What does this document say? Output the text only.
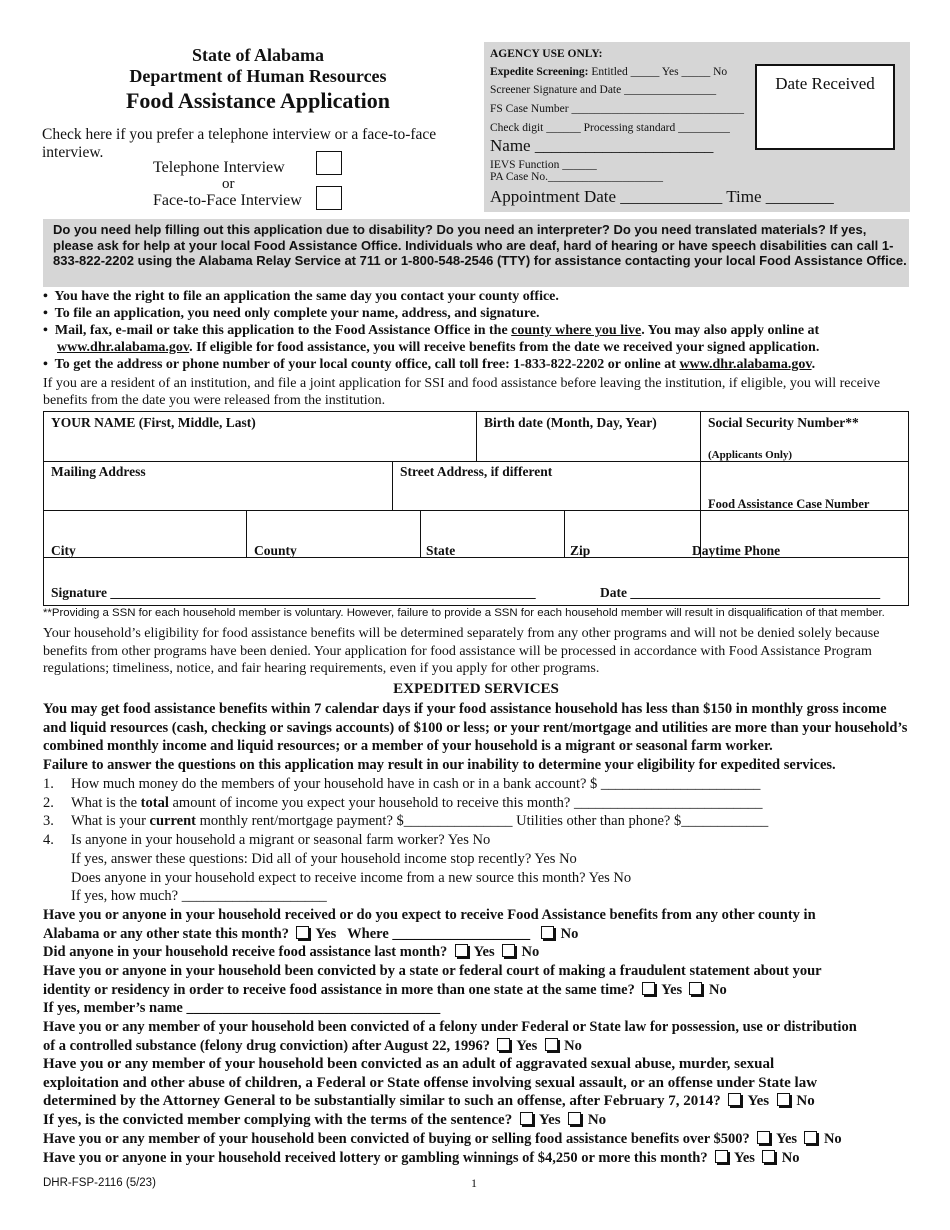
State of Alabama
Department of Human Resources
Food Assistance Application
Check here if you prefer a telephone interview or a face-to-face interview.
Telephone Interview
or
Face-to-Face Interview
AGENCY USE ONLY:
Expedite Screening: Entitled _____ Yes _____ No
Screener Signature and Date ________________
FS Case Number ______________________________
Check digit ______ Processing standard _________
Name _____________________
IEVS Function ______
PA Case No.____________________
Appointment Date ____________ Time ________
Date Received
Do you need help filling out this application due to disability? Do you need an interpreter? Do you need translated materials? If yes, please ask for help at your local Food Assistance Office. Individuals who are deaf, hard of hearing or have speech disabilities can call 1-833-822-2202 using the Alabama Relay Service at 711 or 1-800-548-2546 (TTY) for assistance contacting your local Food Assistance Office.
•  You have the right to file an application the same day you contact your county office.
•  To file an application, you need only complete your name, address, and signature.
•  Mail, fax, e-mail or take this application to the Food Assistance Office in the county where you live. You may also apply online at
www.dhr.alabama.gov. If eligible for food assistance, you will receive benefits from the date we received your signed application.
•  To get the address or phone number of your local county office, call toll free: 1-833-822-2202 or online at www.dhr.alabama.gov.
If you are a resident of an institution, and file a joint application for SSI and food assistance before leaving the institution, if eligible, you will receive benefits from the date you were released from the institution.
YOUR NAME (First, Middle, Last)	Birth date (Month, Day, Year)	Social Security Number**
(Applicants Only)
Mailing Address	Street Address, if different
Food Assistance Case Number
City	County	State	Zip	Daytime Phone
Signature _______________________________________________________________	Date _____________________________________
**Providing a SSN for each household member is voluntary. However, failure to provide a SSN for each household member will result in disqualification of that member.
Your household’s eligibility for food assistance benefits will be determined separately from any other programs and will not be denied solely because benefits from other programs have been denied. Your application for food assistance will be processed in accordance with Food Assistance Program regulations; timeliness, notice, and fair hearing requirements, even if you apply for other programs.
EXPEDITED SERVICES
You may get food assistance benefits within 7 calendar days if your food assistance household has less than $150 in monthly gross income and liquid resources (cash, checking or savings accounts) of $100 or less; or your rent/mortgage and utilities are more than your household’s combined monthly income and liquid resources; or a member of your household is a migrant or seasonal farm worker.
Failure to answer the questions on this application may result in our inability to determine your eligibility for expedited services.
1. How much money do the members of your household have in cash or in a bank account? $ ______________________
2. What is the total amount of income you expect your household to receive this month? __________________________
3. What is your current monthly rent/mortgage payment? $_______________ Utilities other than phone? $____________
4. Is anyone in your household a migrant or seasonal farm worker? Yes No
If yes, answer these questions: Did all of your household income stop recently? Yes No
Does anyone in your household expect to receive income from a new source this month? Yes No
If yes, how much? ____________________
Have you or anyone in your household received or do you expect to receive Food Assistance benefits from any other county in
Alabama or any other state this month? Yes Where ___________________ No
Did anyone in your household receive food assistance last month? Yes No
Have you or anyone in your household been convicted by a state or federal court of making a fraudulent statement about your
identity or residency in order to receive food assistance in more than one state at the same time? Yes No
If yes, member’s name ___________________________________
Have you or any member of your household been convicted of a felony under Federal or State law for possession, use or distribution
of a controlled substance (felony drug conviction) after August 22, 1996? Yes No
Have you or any member of your household been convicted as an adult of aggravated sexual abuse, murder, sexual
exploitation and other abuse of children, a Federal or State offense involving sexual assault, or an offense under State law
determined by the Attorney General to be substantially similar to such an offense, after February 7, 2014? Yes No
If yes, is the convicted member complying with the terms of the sentence? Yes No
Have you or any member of your household been convicted of buying or selling food assistance benefits over $500? Yes No
Have you or anyone in your household received lottery or gambling winnings of $4,250 or more this month? Yes No
DHR-FSP-2116 (5/23)	1
